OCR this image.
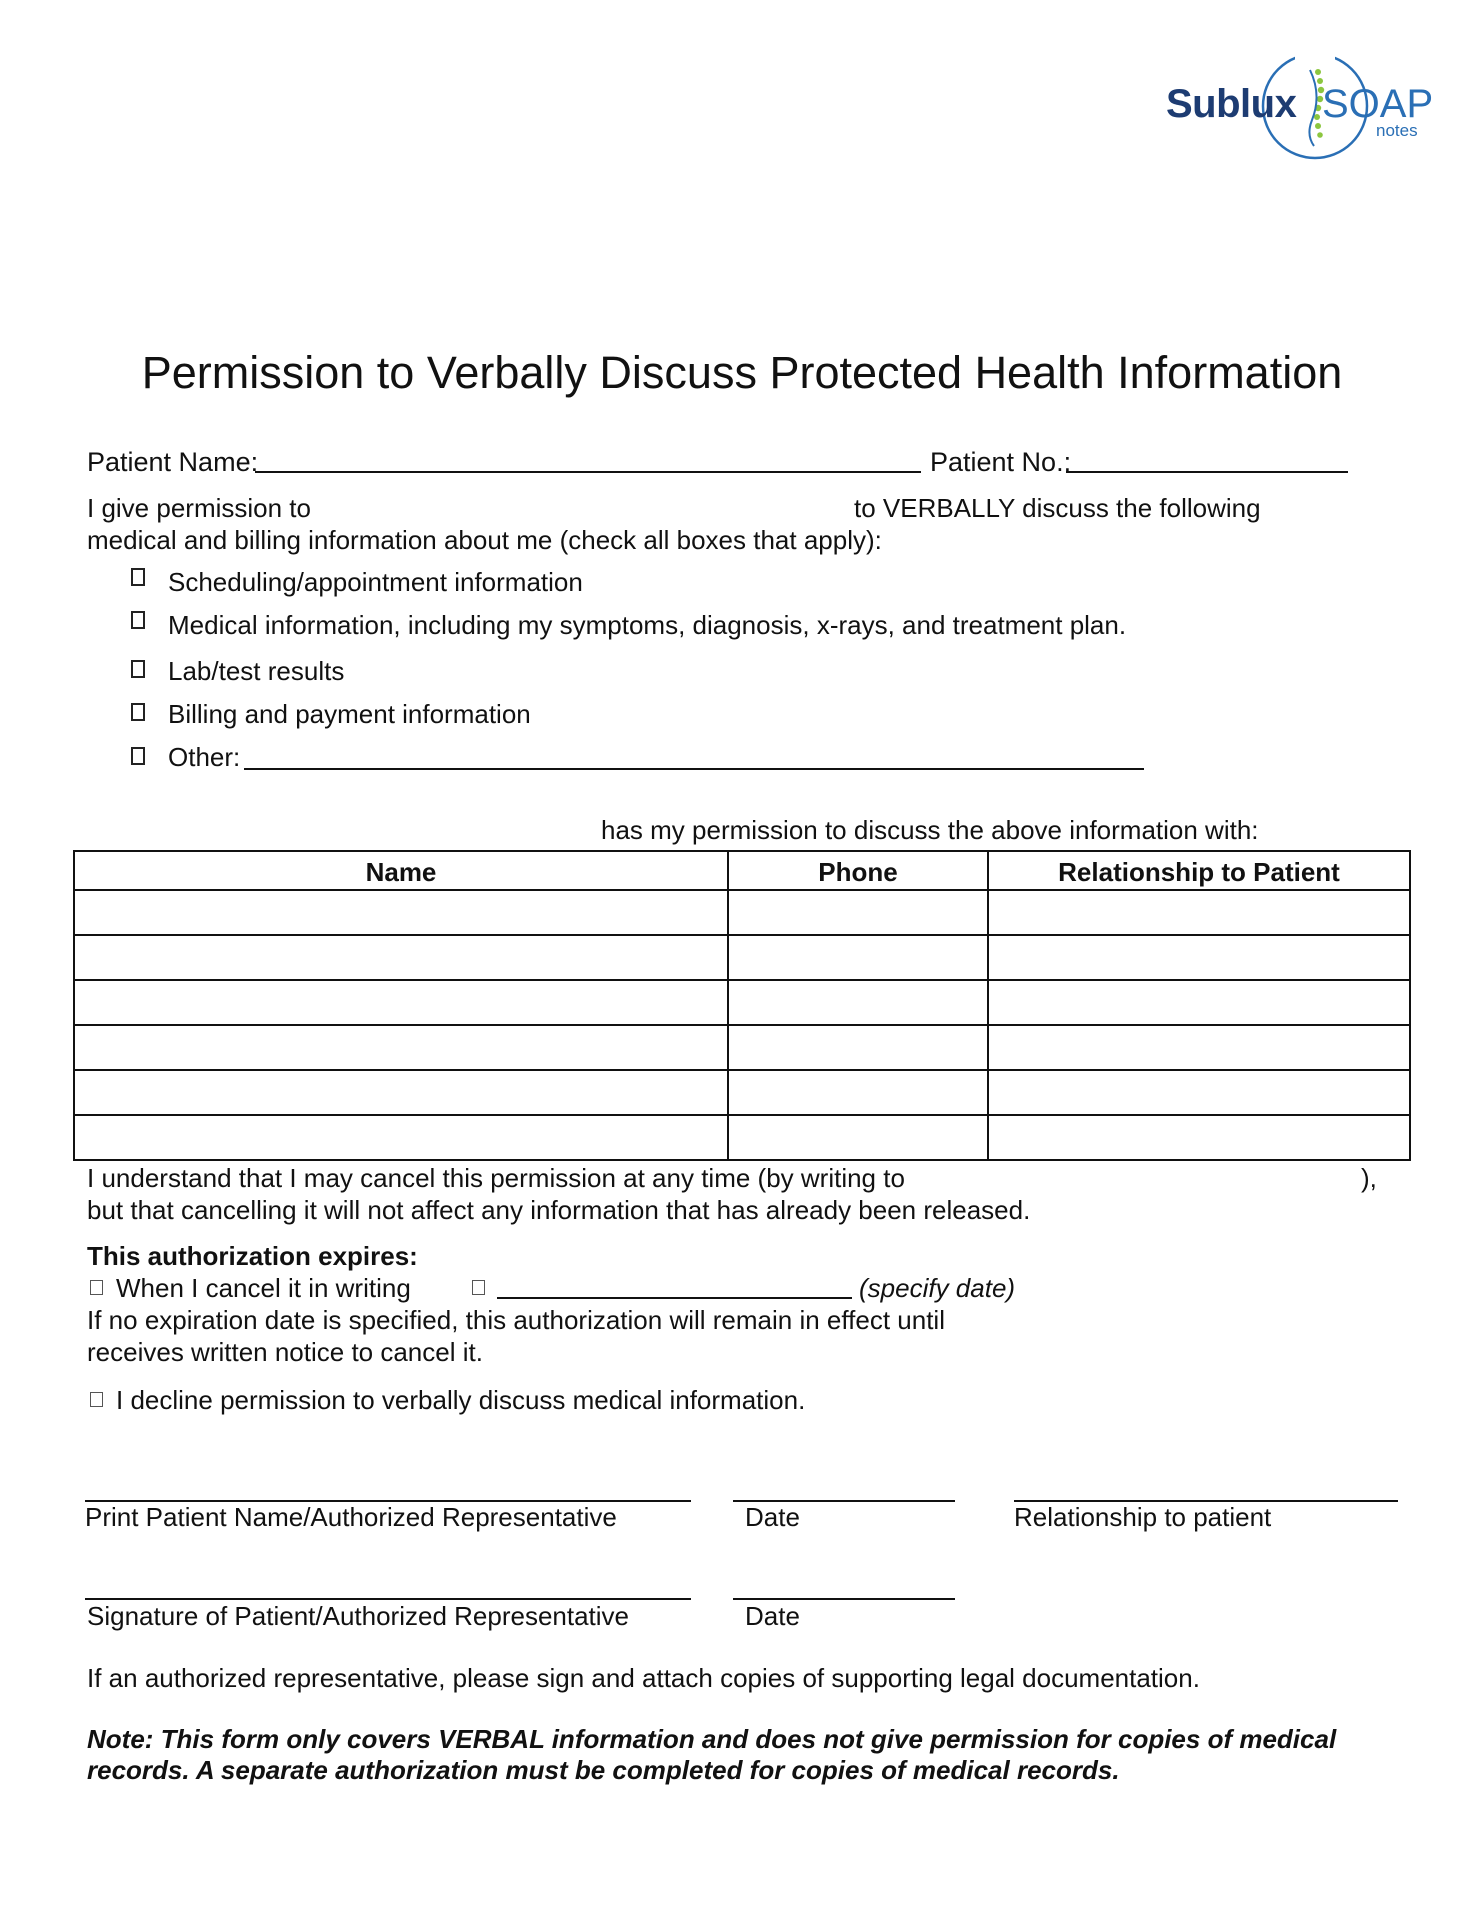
Sublux SOAP
notes
Permission to Verbally Discuss Protected Health Information
Patient Name:	Patient No.:
I give permission to	to VERBALLY discuss the following
medical and billing information about me (check all boxes that apply):
Scheduling/appointment information
Medical information, including my symptoms, diagnosis, x-rays, and treatment plan.
Lab/test results
Billing and payment information
Other:
has my permission to discuss the above information with:
Name	Phone	Relationship to Patient

I understand that I may cancel this permission at any time (by writing to	),
but that cancelling it will not affect any information that has already been released.
This authorization expires:
When I cancel it in writing	(specify date)
If no expiration date is specified, this authorization will remain in effect until
receives written notice to cancel it.
I decline permission to verbally discuss medical information.
Print Patient Name/Authorized Representative	Date	Relationship to patient
Signature of Patient/Authorized Representative	Date
If an authorized representative, please sign and attach copies of supporting legal documentation.
Note: This form only covers VERBAL information and does not give permission for copies of medical
records. A separate authorization must be completed for copies of medical records.
